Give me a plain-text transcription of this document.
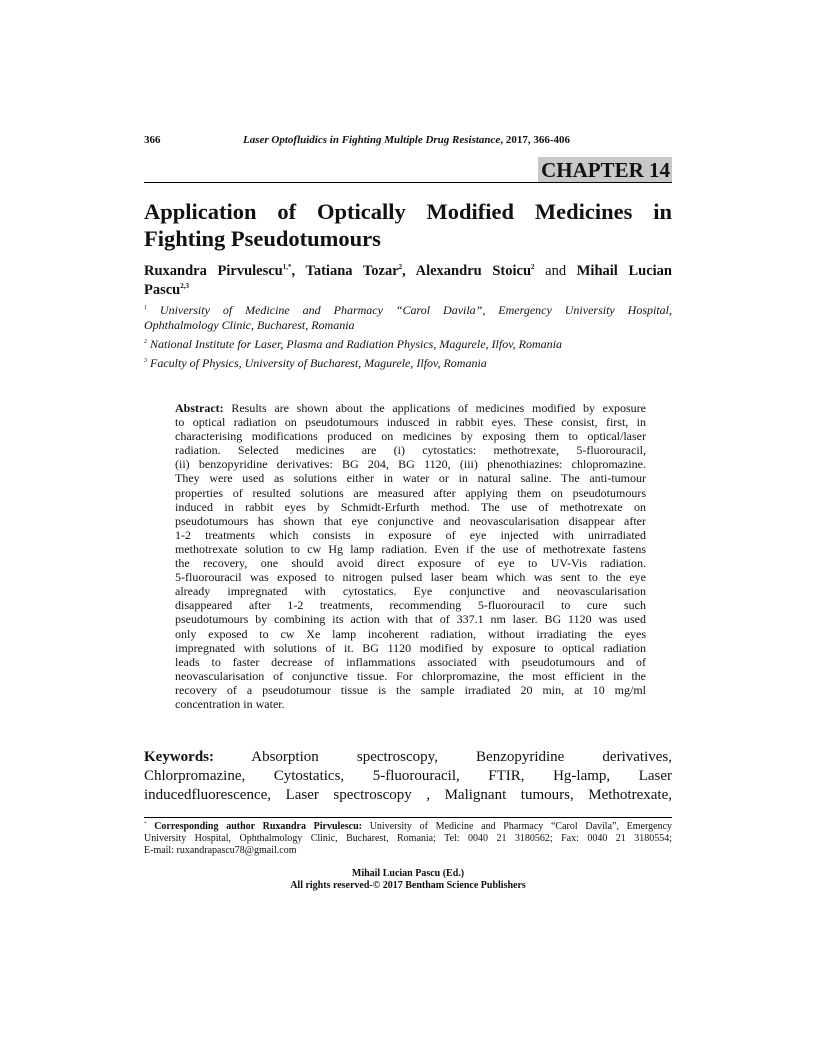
366	Laser Optofluidics in Fighting Multiple Drug Resistance, 2017, 366-406
CHAPTER 14
Application of Optically Modified Medicines in
Fighting Pseudotumours
Ruxandra Pirvulescu$^{1,*}$, Tatiana Tozar$^2$, Alexandru Stoicu$^2$ and Mihail Lucian
Pascu$^{2,3}$
$^1$ University of Medicine and Pharmacy “Carol Davila”, Emergency University Hospital,
Ophthalmology Clinic, Bucharest, Romania
$^2$ National Institute for Laser, Plasma and Radiation Physics, Magurele, Ilfov, Romania
$^3$ Faculty of Physics, University of Bucharest, Magurele, Ilfov, Romania
Abstract: Results are shown about the applications of medicines modified by exposure
to optical radiation on pseudotumours indusced in rabbit eyes. These consist, first, in
characterising modifications produced on medicines by exposing them to optical/laser
radiation. Selected medicines are (i) cytostatics: methotrexate, 5-fluorouracil,
(ii) benzopyridine derivatives: BG 204, BG 1120, (iii) phenothiazines: chlopromazine.
They were used as solutions either in water or in natural saline. The anti-tumour
properties of resulted solutions are measured after applying them on pseudotumours
induced in rabbit eyes by Schmidt-Erfurth method. The use of methotrexate on
pseudotumours has shown that eye conjunctive and neovascularisation disappear after
1-2 treatments which consists in exposure of eye injected with unirradiated
methotrexate solution to cw Hg lamp radiation. Even if the use of methotrexate fastens
the recovery, one should avoid direct exposure of eye to UV-Vis radiation.
5-fluorouracil was exposed to nitrogen pulsed laser beam which was sent to the eye
already impregnated with cytostatics. Eye conjunctive and neovascularisation
disappeared after 1-2 treatments, recommending 5-fluorouracil to cure such
pseudotumours by combining its action with that of 337.1 nm laser. BG 1120 was used
only exposed to cw Xe lamp incoherent radiation, without irradiating the eyes
impregnated with solutions of it. BG 1120 modified by exposure to optical radiation
leads to faster decrease of inflammations associated with pseudotumours and of
neovascularisation of conjunctive tissue. For chlorpromazine, the most efficient in the
recovery of a pseudotumour tissue is the sample irradiated 20 min, at 10 mg/ml
concentration in water.
Keywords: Absorption spectroscopy, Benzopyridine derivatives,
Chlorpromazine, Cytostatics, 5-fluorouracil, FTIR, Hg-lamp, Laser
inducedfluorescence, Laser spectroscopy , Malignant tumours, Methotrexate,
* Corresponding author Ruxandra Pirvulescu: University of Medicine and Pharmacy “Carol Davila”, Emergency
University Hospital, Ophthalmology Clinic, Bucharest, Romania; Tel: 0040 21 3180562; Fax: 0040 21 3180554;
E-mail: ruxandrapascu78@gmail.com
Mihail Lucian Pascu (Ed.)
All rights reserved-© 2017 Bentham Science Publishers
